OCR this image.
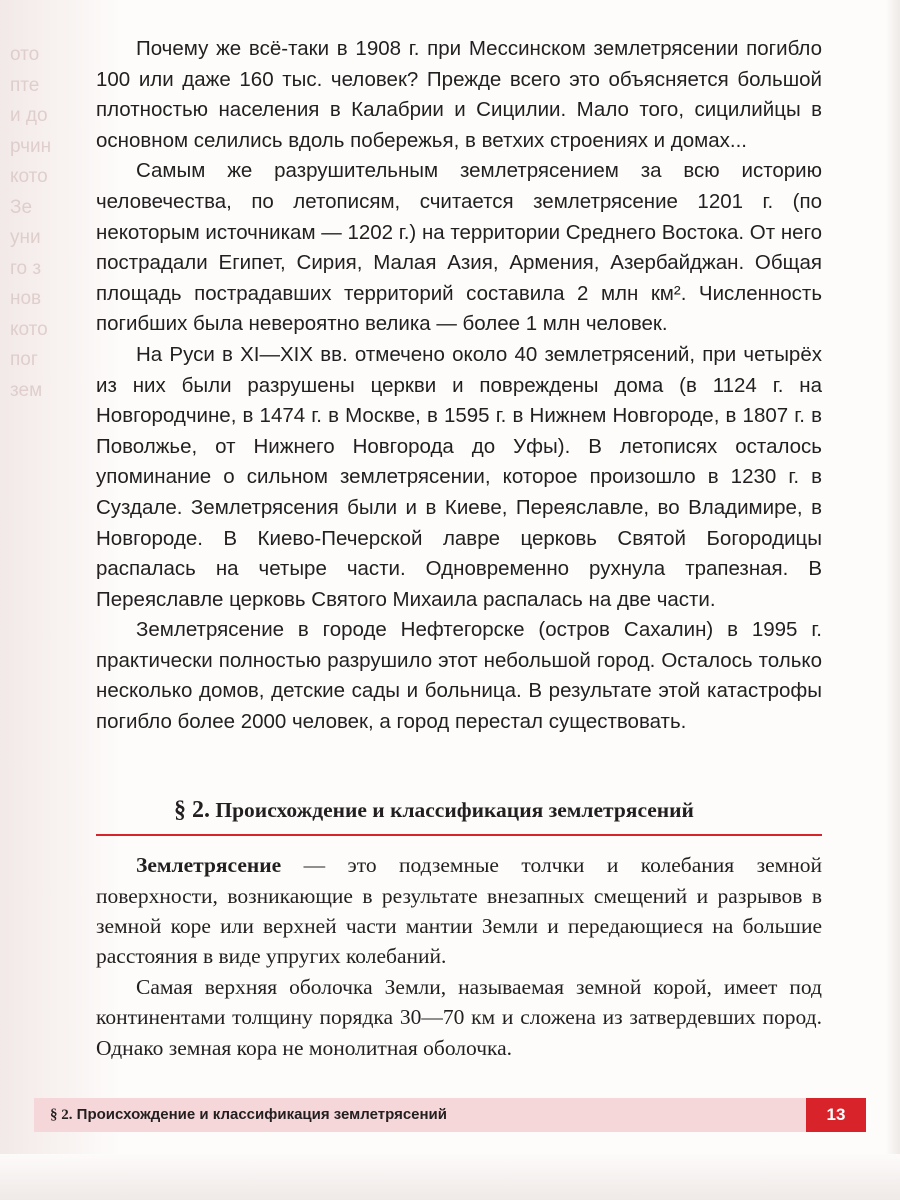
ото
пте
и до
рчин
кото
Зе
уни
го з
нов
кото
пог
зем

Почему же всё-таки в 1908 г. при Мессинском землетрясении погибло 100 или даже 160 тыс. человек? Прежде всего это объясняется большой плотностью населения в Калабрии и Сицилии. Мало того, сицилийцы в основном селились вдоль побережья, в ветхих строениях и домах...

Самым же разрушительным землетрясением за всю историю человечества, по летописям, считается землетрясение 1201 г. (по некоторым источникам — 1202 г.) на территории Среднего Востока. От него пострадали Египет, Сирия, Малая Азия, Армения, Азербайджан. Общая площадь пострадавших территорий составила 2 млн км². Численность погибших была невероятно велика — более 1 млн человек.

На Руси в XI—XIX вв. отмечено около 40 землетрясений, при четырёх из них были разрушены церкви и повреждены дома (в 1124 г. на Новгородчине, в 1474 г. в Москве, в 1595 г. в Нижнем Новгороде, в 1807 г. в Поволжье, от Нижнего Новгорода до Уфы). В летописях осталось упоминание о сильном землетрясении, которое произошло в 1230 г. в Суздале. Землетрясения были и в Киеве, Переяславле, во Владимире, в Новгороде. В Киево-Печерской лавре церковь Святой Богородицы распалась на четыре части. Одновременно рухнула трапезная. В Переяславле церковь Святого Михаила распалась на две части.

Землетрясение в городе Нефтегорске (остров Сахалин) в 1995 г. практически полностью разрушило этот небольшой город. Осталось только несколько домов, детские сады и больница. В результате этой катастрофы погибло более 2000 человек, а город перестал существовать.

§ 2. Происхождение и классификация землетрясений

Землетрясение — это подземные толчки и колебания земной поверхности, возникающие в результате внезапных смещений и разрывов в земной коре или верхней части мантии Земли и передающиеся на большие расстояния в виде упругих колебаний.

Самая верхняя оболочка Земли, называемая земной корой, имеет под континентами толщину порядка 30—70 км и сложена из затвердевших пород. Однако земная кора не монолитная оболочка.

§ 2. Происхождение и классификация землетрясений	13
